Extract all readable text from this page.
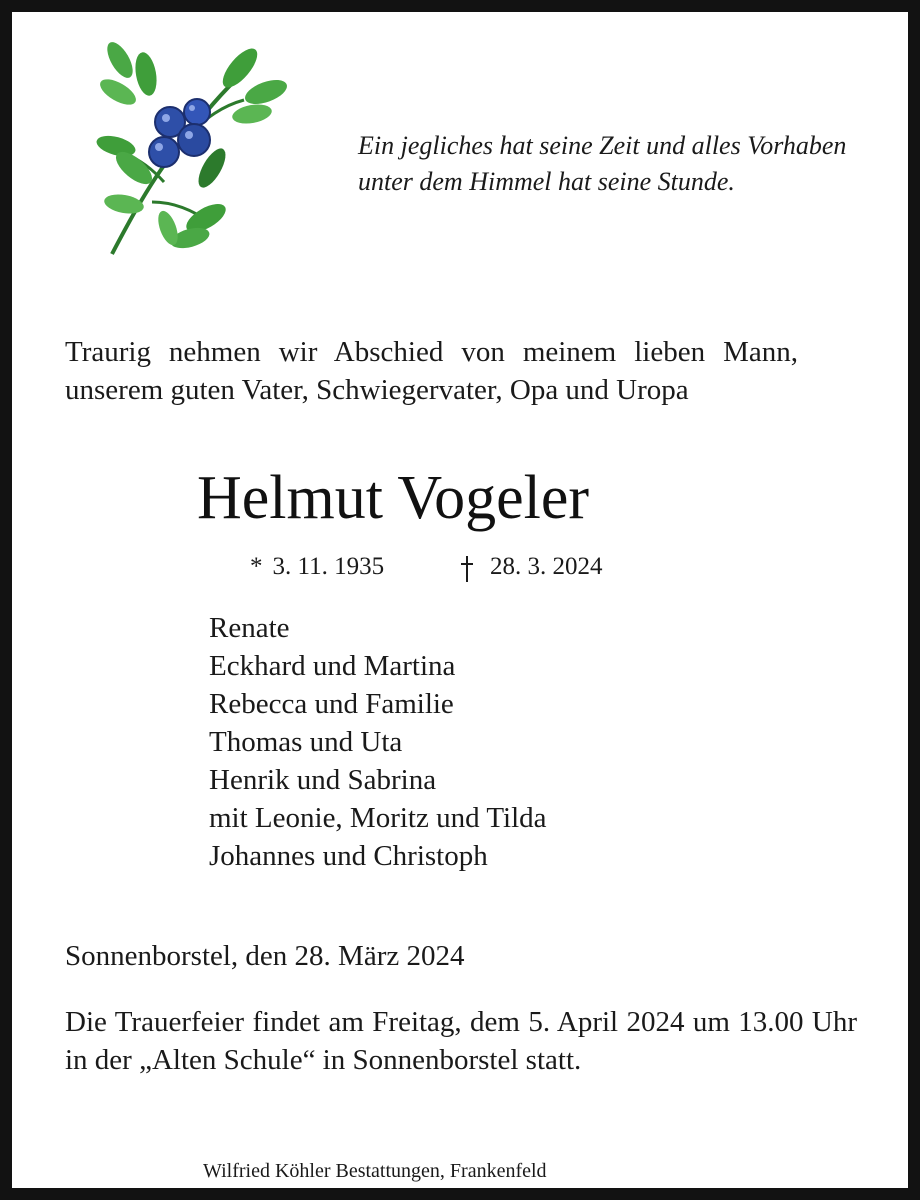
Ein jegliches hat seine Zeit und alles Vorhaben
unter dem Himmel hat seine Stunde.

Traurig nehmen wir Abschied von meinem lieben Mann, unserem guten Vater, Schwiegervater, Opa und Uropa

Helmut Vogeler
* 3. 11. 1935	28. 3. 2024
Renate
Eckhard und Martina
Rebecca und Familie
Thomas und Uta
Henrik und Sabrina
mit Leonie, Moritz und Tilda
Johannes und Christoph

Sonnenborstel, den 28. März 2024

Die Trauerfeier findet am Freitag, dem 5. April 2024 um 13.00 Uhr in der „Alten Schule“ in Sonnenborstel statt.

Wilfried Köhler Bestattungen, Frankenfeld
